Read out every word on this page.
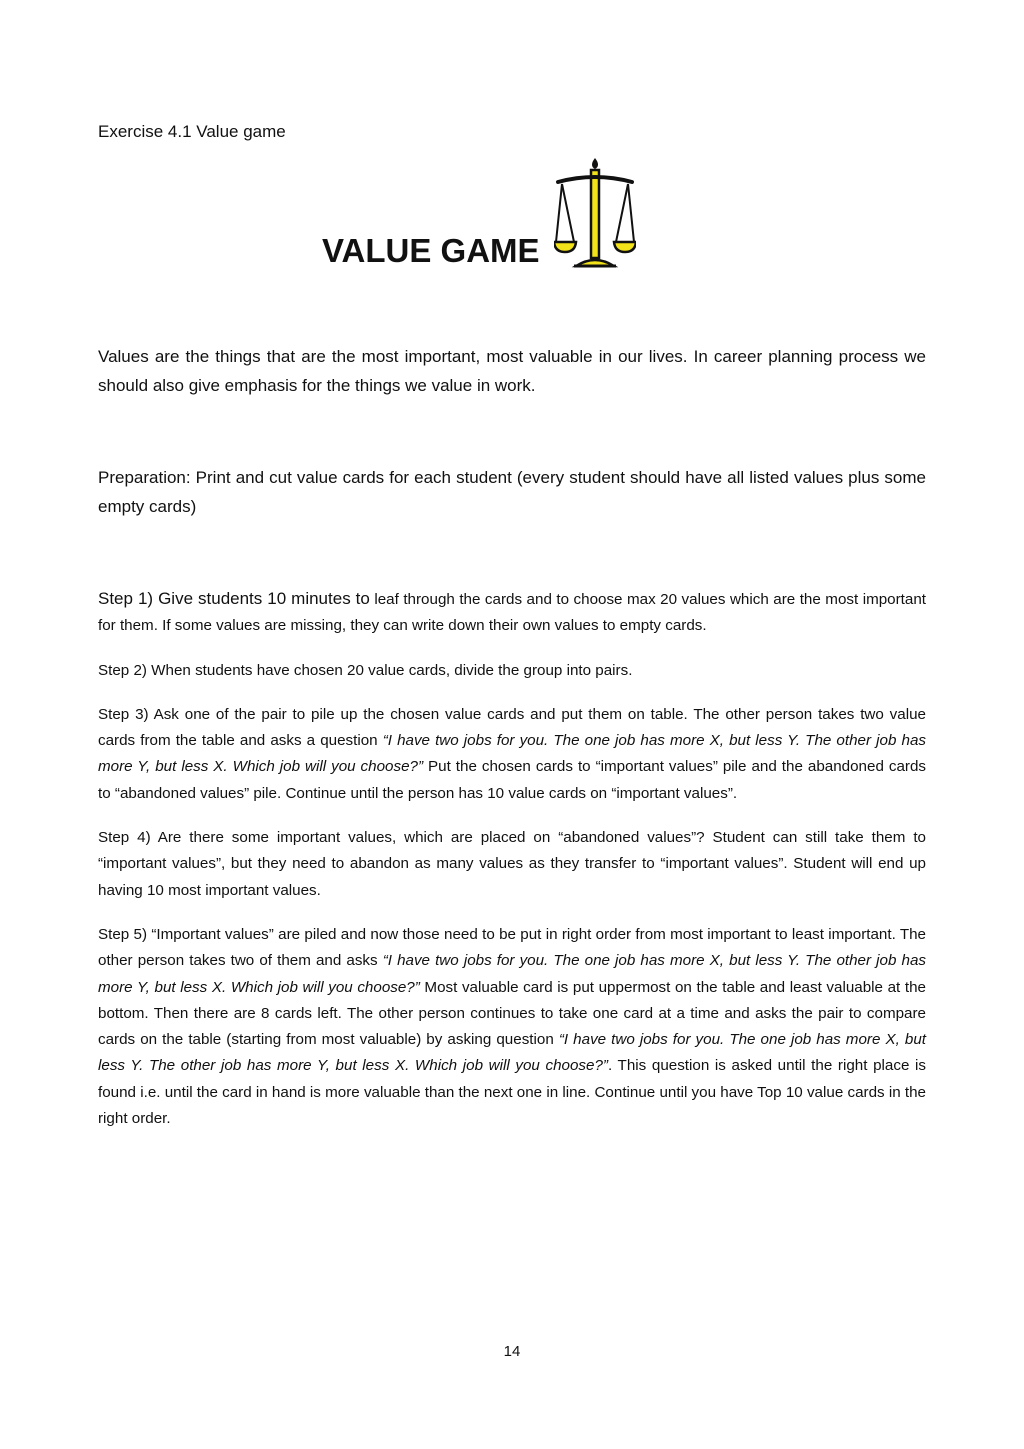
Exercise 4.1 Value game

VALUE GAME

Values are the things that are the most important, most valuable in our lives. In career planning process we should also give emphasis for the things we value in work.

Preparation: Print and cut value cards for each student (every student should have all listed values plus some empty cards)

Step 1) Give students 10 minutes to leaf through the cards and to choose max 20 values which are the most important for them. If some values are missing, they can write down their own values to empty cards.

Step 2) When students have chosen 20 value cards, divide the group into pairs.

Step 3) Ask one of the pair to pile up the chosen value cards and put them on table. The other person takes two value cards from the table and asks a question “I have two jobs for you. The one job has more X, but less Y. The other job has more Y, but less X. Which job will you choose?” Put the chosen cards to “important values” pile and the abandoned cards to “abandoned values” pile. Continue until the person has 10 value cards on “important values”.

Step 4) Are there some important values, which are placed on “abandoned values”? Student can still take them to “important values”, but they need to abandon as many values as they transfer to “important values”. Student will end up having 10 most important values.

Step 5) “Important values” are piled and now those need to be put in right order from most important to least important. The other person takes two of them and asks “I have two jobs for you. The one job has more X, but less Y. The other job has more Y, but less X. Which job will you choose?” Most valuable card is put uppermost on the table and least valuable at the bottom. Then there are 8 cards left. The other person continues to take one card at a time and asks the pair to compare cards on the table (starting from most valuable) by asking question “I have two jobs for you. The one job has more X, but less Y. The other job has more Y, but less X. Which job will you choose?”. This question is asked until the right place is found i.e. until the card in hand is more valuable than the next one in line. Continue until you have Top 10 value cards in the right order.

14
